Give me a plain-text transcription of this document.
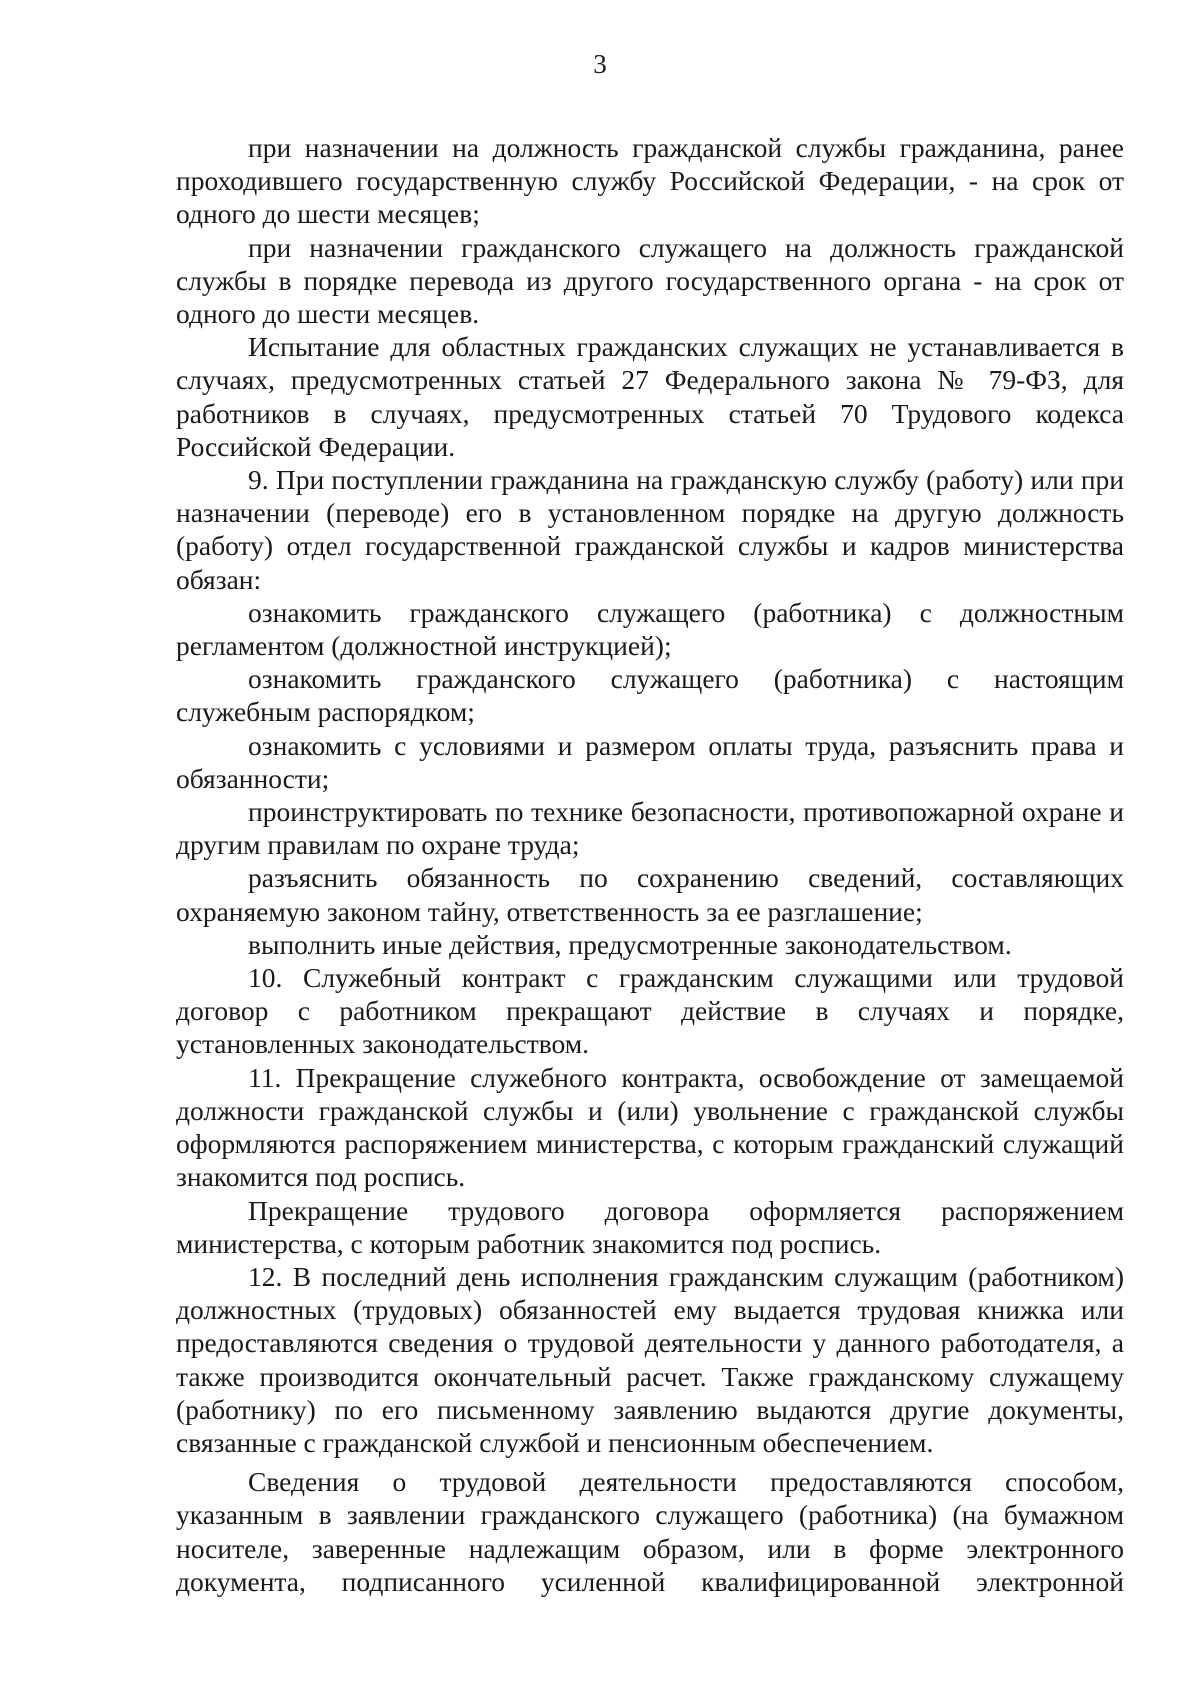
3

при назначении на должность гражданской службы гражданина, ранее проходившего государственную службу Российской Федерации, - на срок от одного до шести месяцев;

при назначении гражданского служащего на должность гражданской службы в порядке перевода из другого государственного органа - на срок от одного до шести месяцев.

Испытание для областных гражданских служащих не устанавливается в случаях, предусмотренных статьей 27 Федерального закона № 79-ФЗ, для работников в случаях, предусмотренных статьей 70 Трудового кодекса Российской Федерации.

9. При поступлении гражданина на гражданскую службу (работу) или при назначении (переводе) его в установленном порядке на другую должность (работу) отдел государственной гражданской службы и кадров министерства обязан:

ознакомить гражданского служащего (работника) с должностным регламентом (должностной инструкцией);

ознакомить гражданского служащего (работника) с настоящим служебным распорядком;

ознакомить с условиями и размером оплаты труда, разъяснить права и обязанности;

проинструктировать по технике безопасности, противопожарной охране и другим правилам по охране труда;

разъяснить обязанность по сохранению сведений, составляющих охраняемую законом тайну, ответственность за ее разглашение;

выполнить иные действия, предусмотренные законодательством.

10. Служебный контракт с гражданским служащими или трудовой договор с работником прекращают действие в случаях и порядке, установленных законодательством.

11. Прекращение служебного контракта, освобождение от замещаемой должности гражданской службы и (или) увольнение с гражданской службы оформляются распоряжением министерства, с которым гражданский служащий знакомится под роспись.

Прекращение трудового договора оформляется распоряжением министерства, с которым работник знакомится под роспись.

12. В последний день исполнения гражданским служащим (работником) должностных (трудовых) обязанностей ему выдается трудовая книжка или предоставляются сведения о трудовой деятельности у данного работодателя, а также производится окончательный расчет. Также гражданскому служащему (работнику) по его письменному заявлению выдаются другие документы, связанные с гражданской службой и пенсионным обеспечением.

Сведения о трудовой деятельности предоставляются способом, указанным в заявлении гражданского служащего (работника) (на бумажном носителе, заверенные надлежащим образом, или в форме электронного документа, подписанного усиленной квалифицированной электронной
